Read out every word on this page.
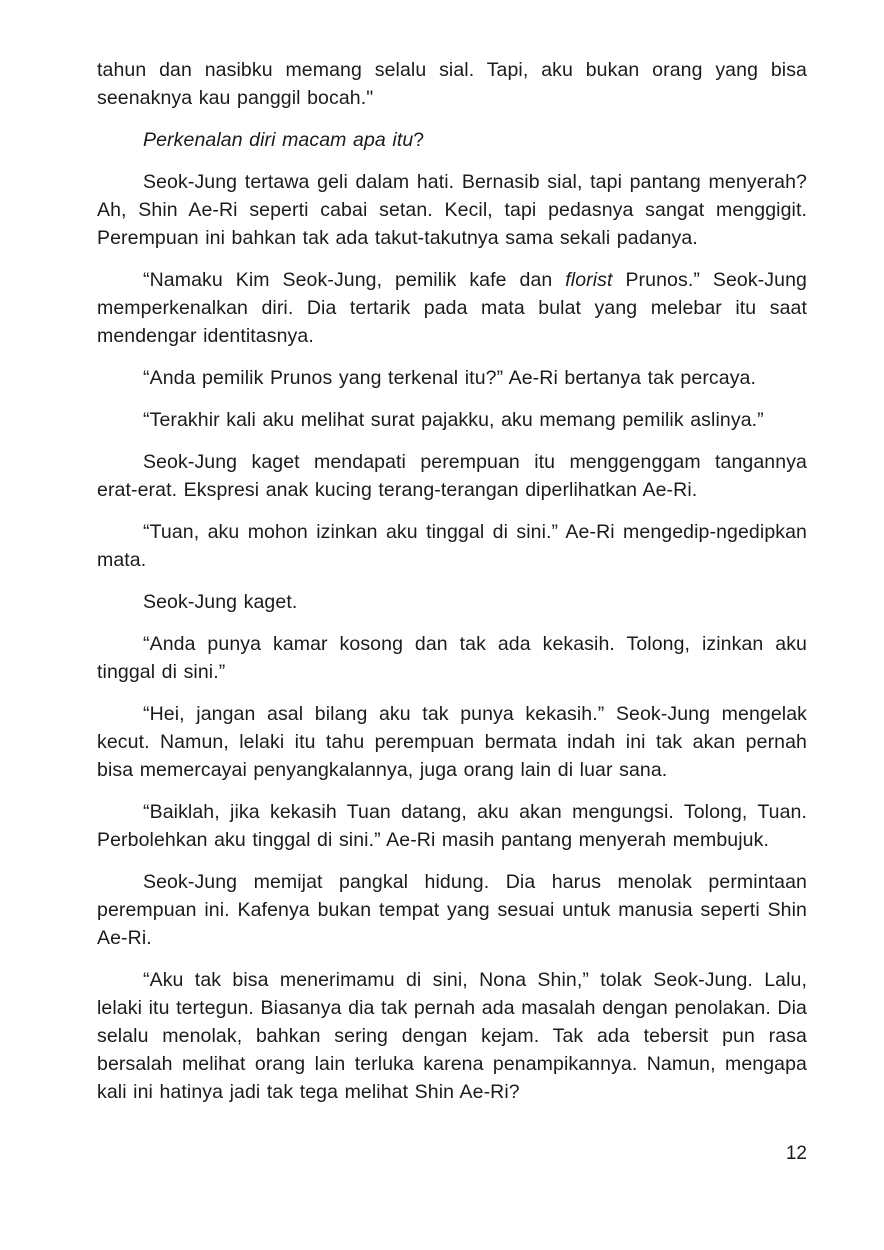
tahun dan nasibku memang selalu sial. Tapi, aku bukan orang yang bisa seenaknya kau panggil bocah."

Perkenalan diri macam apa itu?

Seok-Jung tertawa geli dalam hati. Bernasib sial, tapi pantang menyerah? Ah, Shin Ae-Ri seperti cabai setan. Kecil, tapi pedasnya sangat menggigit. Perempuan ini bahkan tak ada takut-takutnya sama sekali padanya.

“Namaku Kim Seok-Jung, pemilik kafe dan florist Prunos.” Seok-Jung memperkenalkan diri. Dia tertarik pada mata bulat yang melebar itu saat mendengar identitasnya.

“Anda pemilik Prunos yang terkenal itu?” Ae-Ri bertanya tak percaya.

“Terakhir kali aku melihat surat pajakku, aku memang pemilik aslinya.”

Seok-Jung kaget mendapati perempuan itu menggenggam tangannya erat-erat. Ekspresi anak kucing terang-terangan diperlihatkan Ae-Ri.

“Tuan, aku mohon izinkan aku tinggal di sini.” Ae-Ri mengedip-ngedipkan mata.

Seok-Jung kaget.

“Anda punya kamar kosong dan tak ada kekasih. Tolong, izinkan aku tinggal di sini.”

“Hei, jangan asal bilang aku tak punya kekasih.” Seok-Jung mengelak kecut. Namun, lelaki itu tahu perempuan bermata indah ini tak akan pernah bisa memercayai penyangkalannya, juga orang lain di luar sana.

“Baiklah, jika kekasih Tuan datang, aku akan mengungsi. Tolong, Tuan. Perbolehkan aku tinggal di sini.” Ae-Ri masih pantang menyerah membujuk.

Seok-Jung memijat pangkal hidung. Dia harus menolak permintaan perempuan ini. Kafenya bukan tempat yang sesuai untuk manusia seperti Shin Ae-Ri.

“Aku tak bisa menerimamu di sini, Nona Shin,” tolak Seok-Jung. Lalu, lelaki itu tertegun. Biasanya dia tak pernah ada masalah dengan penolakan. Dia selalu menolak, bahkan sering dengan kejam. Tak ada tebersit pun rasa bersalah melihat orang lain terluka karena penampikannya. Namun, mengapa kali ini hatinya jadi tak tega melihat Shin Ae-Ri?

12
